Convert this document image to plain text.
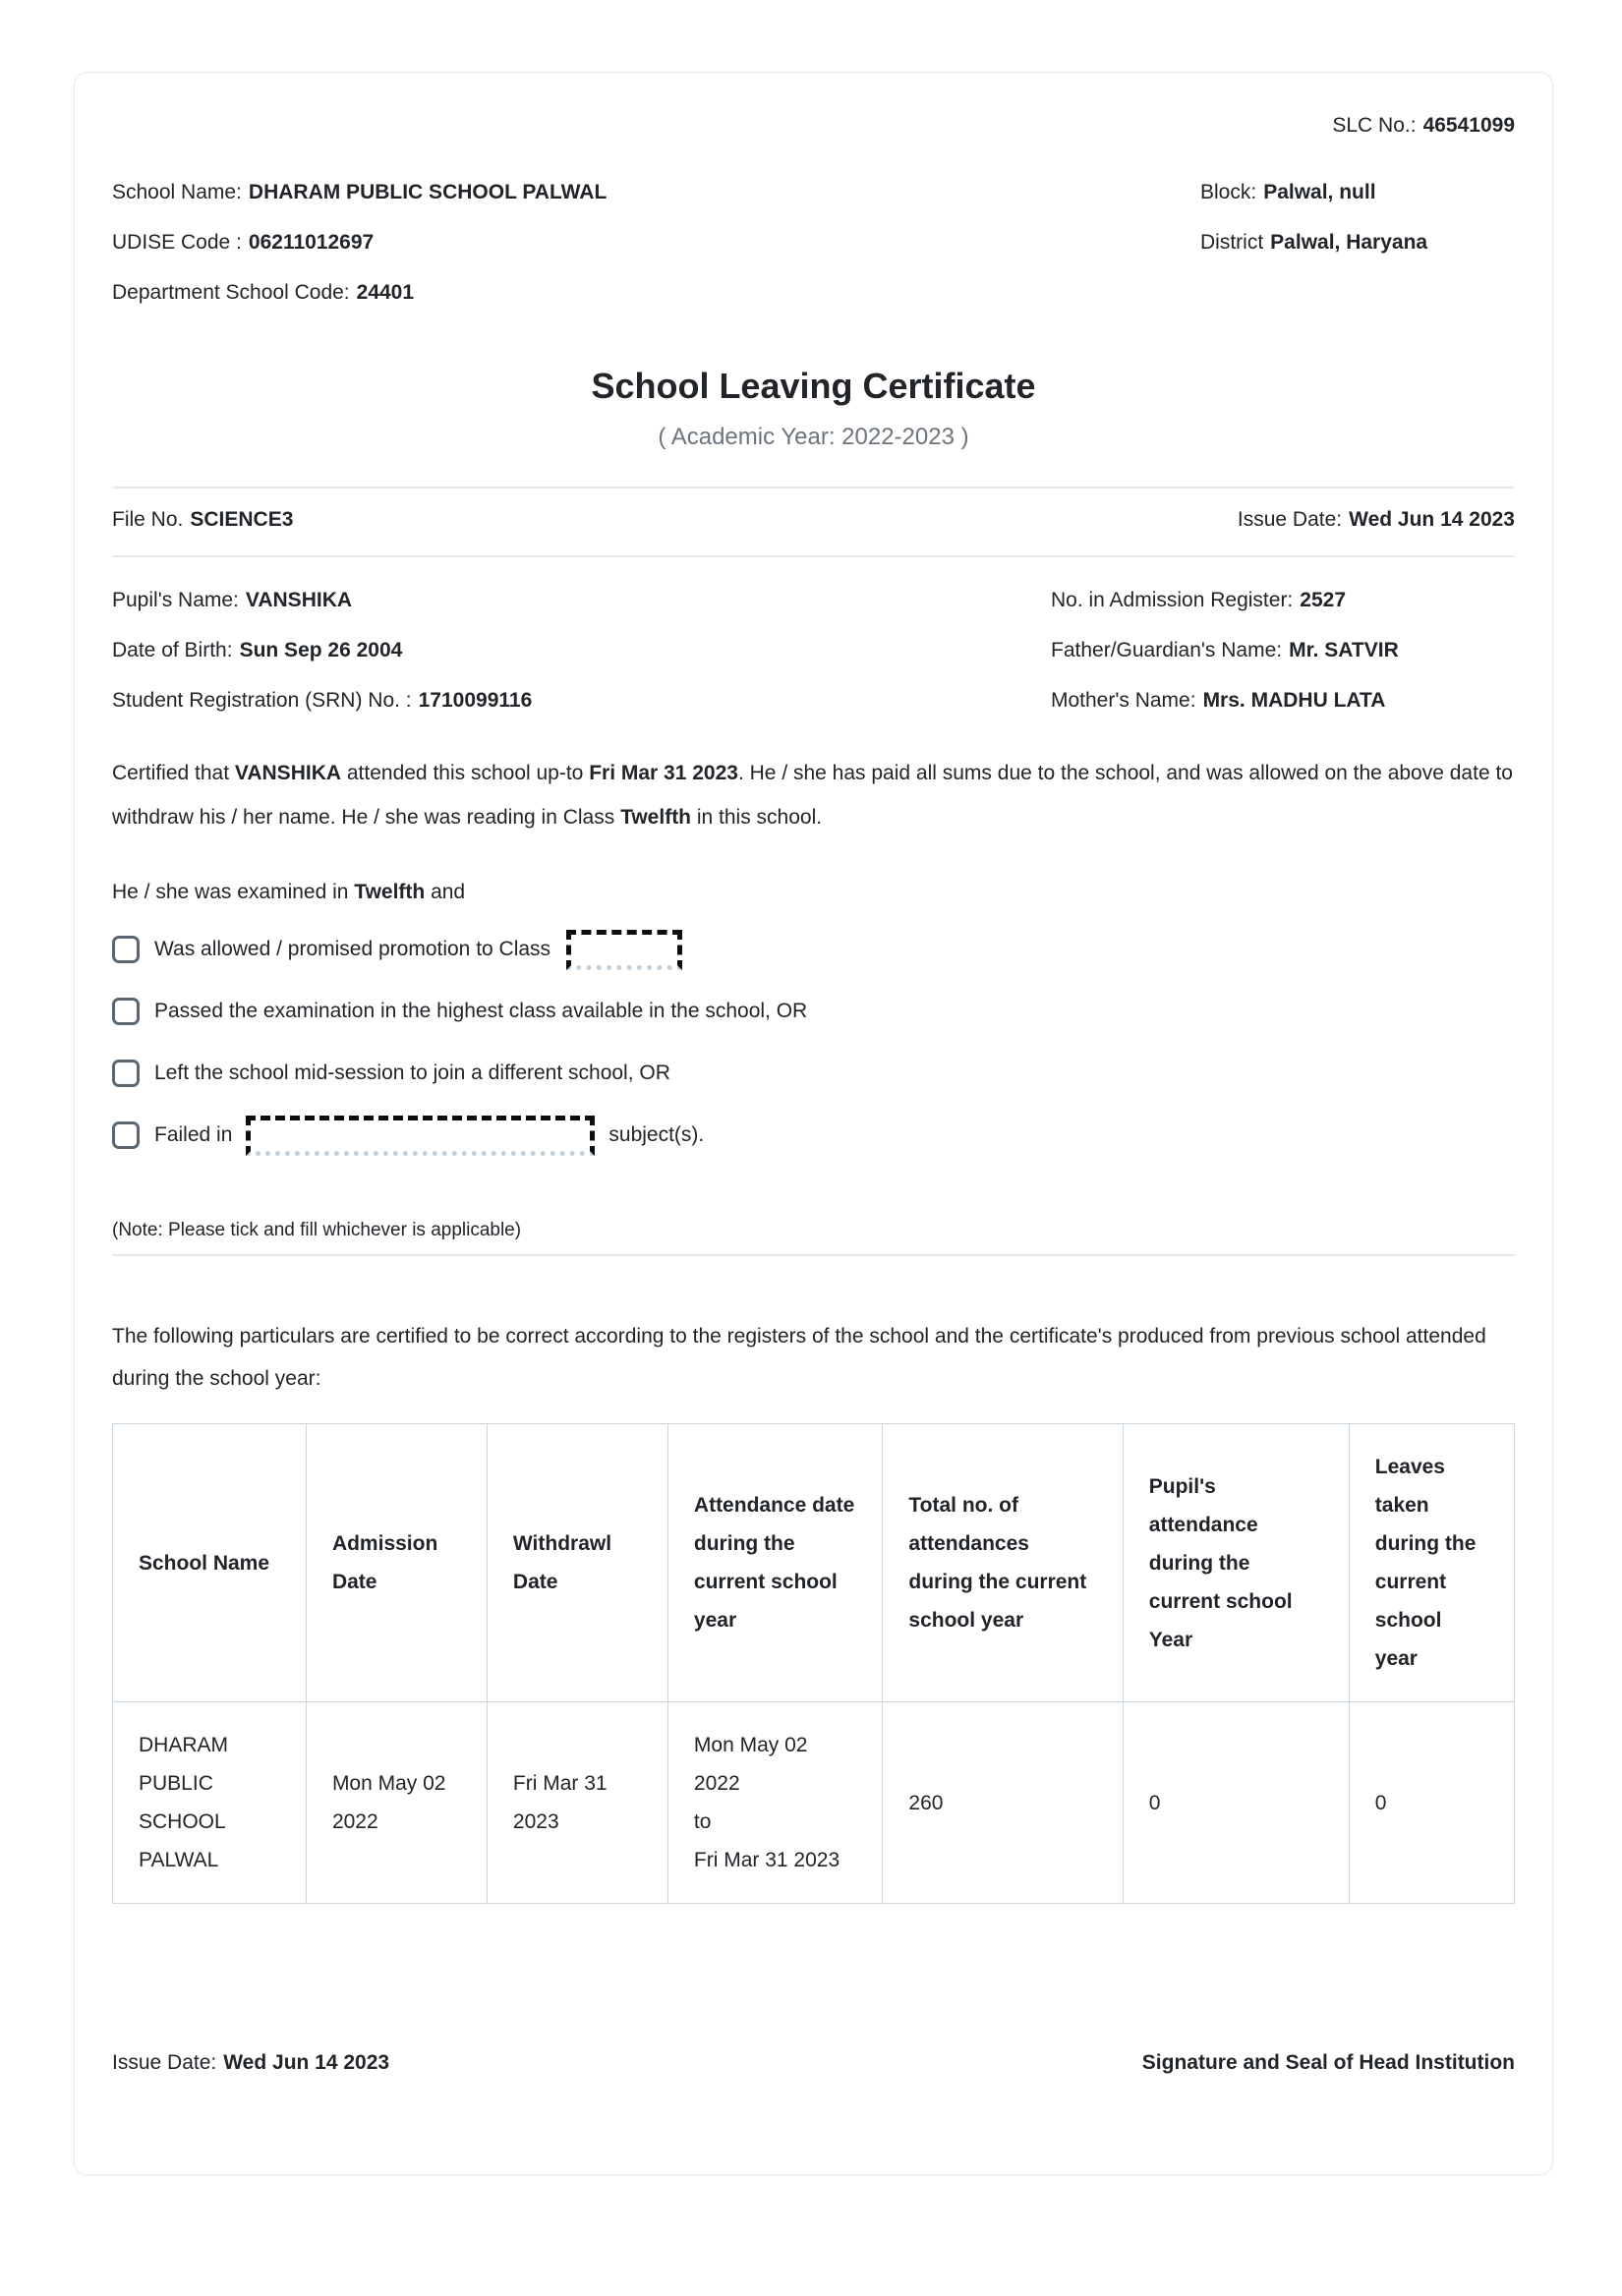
SLC No.: 46541099
School Name: DHARAM PUBLIC SCHOOL PALWAL
UDISE Code : 06211012697
Department School Code: 24401
Block: Palwal, null
District Palwal, Haryana
School Leaving Certificate
( Academic Year: 2022-2023 )
File No. SCIENCE3	Issue Date: Wed Jun 14 2023
Pupil's Name: VANSHIKA
Date of Birth: Sun Sep 26 2004
Student Registration (SRN) No. : 1710099116
No. in Admission Register: 2527
Father/Guardian's Name: Mr. SATVIR
Mother's Name: Mrs. MADHU LATA

Certified that VANSHIKA attended this school up-to Fri Mar 31 2023. He / she has paid all sums due to the school, and was allowed on the above date to withdraw his / her name. He / she was reading in Class Twelfth in this school.

He / she was examined in Twelfth and
Was allowed / promised promotion to Class
Passed the examination in the highest class available in the school, OR
Left the school mid-session to join a different school, OR
Failed in	subject(s).
(Note: Please tick and fill whichever is applicable)

The following particulars are certified to be correct according to the registers of the school and the certificate's produced from previous school attended during the school year:

School Name	Admission Date	Withdrawl Date	Attendance date during the current school year	Total no. of attendances during the current school year	Pupil's attendance during the current school Year	Leaves taken during the current school year
DHARAM PUBLIC SCHOOL PALWAL	Mon May 02 2022	Fri Mar 31 2023	Mon May 02 2022
to
Fri Mar 31 2023	260	0	0
Issue Date: Wed Jun 14 2023	Signature and Seal of Head Institution
